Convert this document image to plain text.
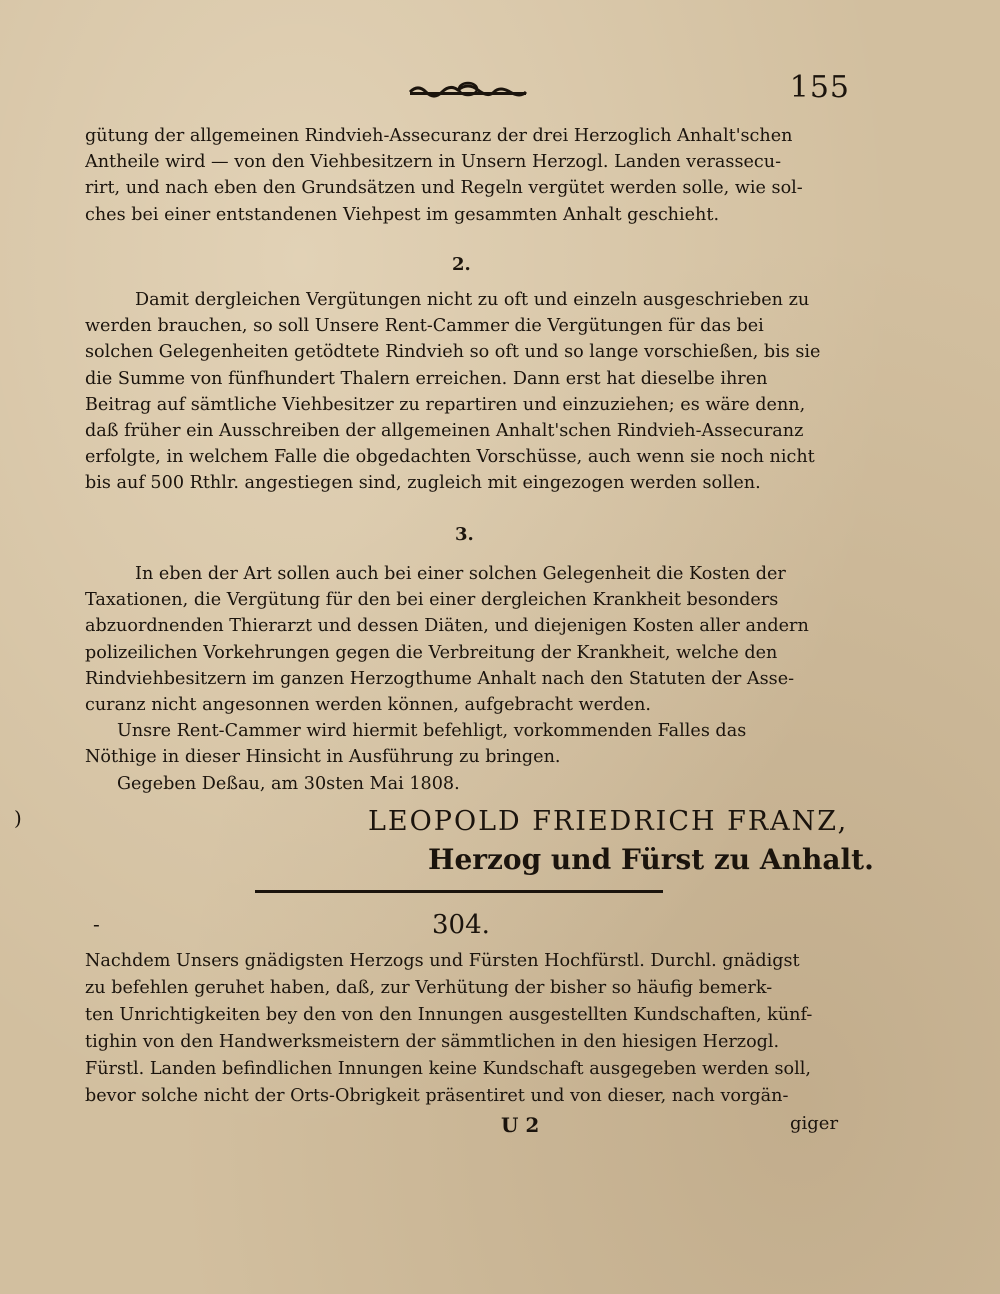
155

gütung der allgemeinen Rindvieh-Assecuranz der drei Herzoglich Anhalt'schen
Antheile wird — von den Viehbesitzern in Unsern Herzogl. Landen verassecu-
rirt, und nach eben den Grundsätzen und Regeln vergütet werden solle, wie sol-
ches bei einer entstandenen Viehpest im gesammten Anhalt geschieht.

2.

Damit dergleichen Vergütungen nicht zu oft und einzeln ausgeschrieben zu
werden brauchen, so soll Unsere Rent-Cammer die Vergütungen für das bei
solchen Gelegenheiten getödtete Rindvieh so oft und so lange vorschießen, bis sie
die Summe von fünfhundert Thalern erreichen. Dann erst hat dieselbe ihren
Beitrag auf sämtliche Viehbesitzer zu repartiren und einzuziehen; es wäre denn,
daß früher ein Ausschreiben der allgemeinen Anhalt'schen Rindvieh-Assecuranz
erfolgte, in welchem Falle die obgedachten Vorschüsse, auch wenn sie noch nicht
bis auf 500 Rthlr. angestiegen sind, zugleich mit eingezogen werden sollen.

3.

In eben der Art sollen auch bei einer solchen Gelegenheit die Kosten der
Taxationen, die Vergütung für den bei einer dergleichen Krankheit besonders
abzuordnenden Thierarzt und dessen Diäten, und diejenigen Kosten aller andern
polizeilichen Vorkehrungen gegen die Verbreitung der Krankheit, welche den
Rindviehbesitzern im ganzen Herzogthume Anhalt nach den Statuten der Asse-
curanz nicht angesonnen werden können, aufgebracht werden.
Unsre Rent-Cammer wird hiermit befehligt, vorkommenden Falles das
Nöthige in dieser Hinsicht in Ausführung zu bringen.
Gegeben Deßau, am 30sten Mai 1808.

)	LEOPOLD FRIEDRICH FRANZ,
Herzog und Fürst zu Anhalt.
-	304.

Nachdem Unsers gnädigsten Herzogs und Fürsten Hochfürstl. Durchl. gnädigst
zu befehlen geruhet haben, daß, zur Verhütung der bisher so häufig bemerk-
ten Unrichtigkeiten bey den von den Innungen ausgestellten Kundschaften, künf-
tighin von den Handwerksmeistern der sämmtlichen in den hiesigen Herzogl.
Fürstl. Landen befindlichen Innungen keine Kundschaft ausgegeben werden soll,
bevor solche nicht der Orts-Obrigkeit präsentiret und von dieser, nach vorgän-

U 2	giger
